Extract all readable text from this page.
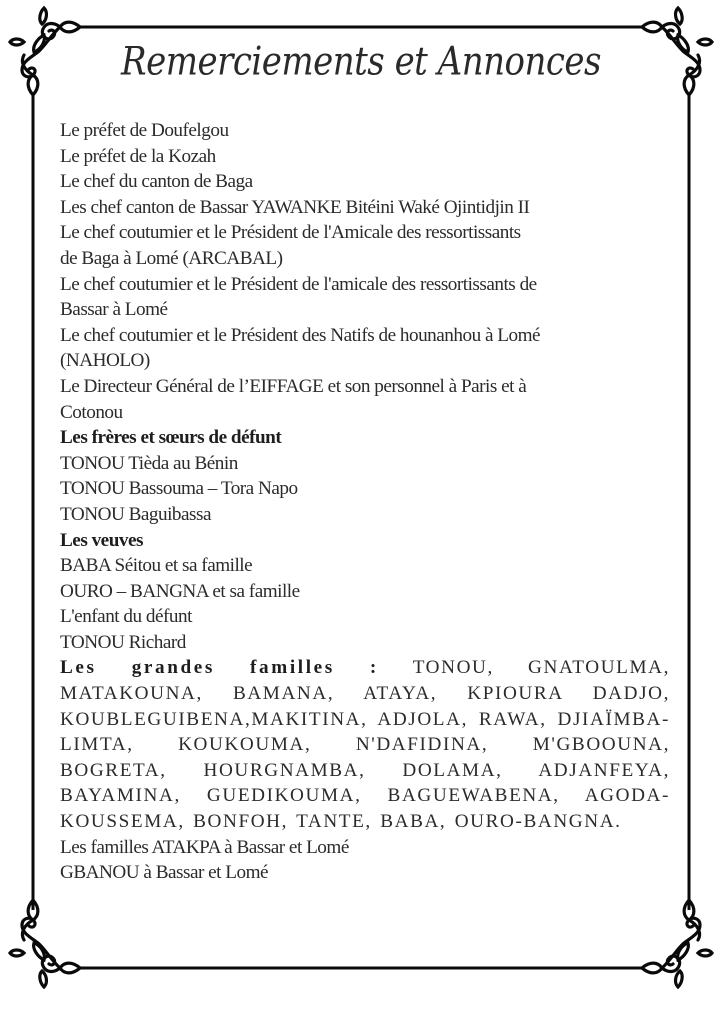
Remerciements et Annonces
Le préfet de Doufelgou
Le préfet de la Kozah
Le chef du canton de Baga
Les chef canton de Bassar YAWANKE Bitéini Waké Ojintidjin II
Le chef coutumier et le Président de l'Amicale des ressortissants
de Baga à Lomé (ARCABAL)
Le chef coutumier et le Président de l'amicale des ressortissants de
Bassar à Lomé
Le chef coutumier et le Président des Natifs de hounanhou à Lomé
(NAHOLO)
Le Directeur Général de l’EIFFAGE et son personnel à Paris et à
Cotonou
Les frères et sœurs de défunt
TONOU Tièda au Bénin
TONOU Bassouma – Tora Napo
TONOU Baguibassa
Les veuves
BABA Séitou et sa famille
OURO – BANGNA et sa famille
L'enfant du défunt
TONOU Richard
Les grandes familles : TONOU, GNATOULMA, MATAKOUNA, BAMANA, ATAYA, KPIOURA DADJO, KOUBLEGUIBENA,MAKITINA, ADJOLA, RAWA, DJIAÏMBA-LIMTA, KOUKOUMA, N'DAFIDINA, M'GBOOUNA, BOGRETA, HOURGNAMBA, DOLAMA, ADJANFEYA, BAYAMINA, GUEDIKOUMA, BAGUEWABENA, AGODA-KOUSSEMA, BONFOH, TANTE, BABA, OURO-BANGNA.
Les familles ATAKPA à Bassar et Lomé
GBANOU à Bassar et Lomé
